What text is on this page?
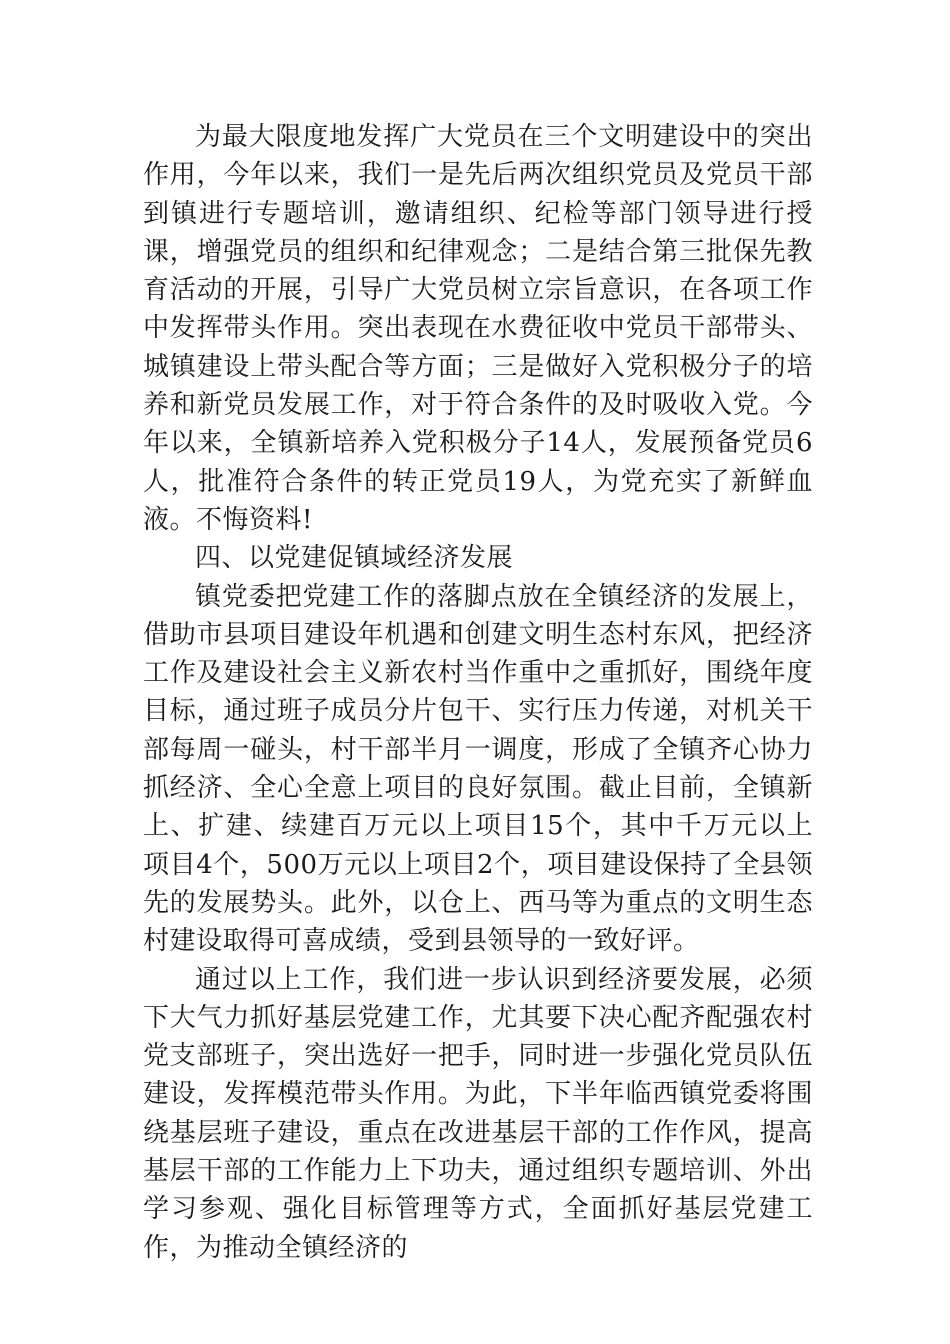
为最大限度地发挥广大党员在三个文明建设中的突出作用，今年以来，我们一是先后两次组织党员及党员干部到镇进行专题培训，邀请组织、纪检等部门领导进行授课，增强党员的组织和纪律观念；二是结合第三批保先教育活动的开展，引导广大党员树立宗旨意识，在各项工作中发挥带头作用。突出表现在水费征收中党员干部带头、城镇建设上带头配合等方面；三是做好入党积极分子的培养和新党员发展工作，对于符合条件的及时吸收入党。今年以来，全镇新培养入党积极分子14人，发展预备党员6人，批准符合条件的转正党员19人，为党充实了新鲜血液。不悔资料!

四、以党建促镇域经济发展

镇党委把党建工作的落脚点放在全镇经济的发展上，借助市县项目建设年机遇和创建文明生态村东风，把经济工作及建设社会主义新农村当作重中之重抓好，围绕年度目标，通过班子成员分片包干、实行压力传递，对机关干部每周一碰头，村干部半月一调度，形成了全镇齐心协力抓经济、全心全意上项目的良好氛围。截止目前，全镇新上、扩建、续建百万元以上项目15个，其中千万元以上项目4个，500万元以上项目2个，项目建设保持了全县领先的发展势头。此外，以仓上、西马等为重点的文明生态村建设取得可喜成绩，受到县领导的一致好评。

通过以上工作，我们进一步认识到经济要发展，必须下大气力抓好基层党建工作，尤其要下决心配齐配强农村党支部班子，突出选好一把手，同时进一步强化党员队伍建设，发挥模范带头作用。为此，下半年临西镇党委将围绕基层班子建设，重点在改进基层干部的工作作风，提高基层干部的工作能力上下功夫，通过组织专题培训、外出学习参观、强化目标管理等方式，全面抓好基层党建工作，为推动全镇经济的
